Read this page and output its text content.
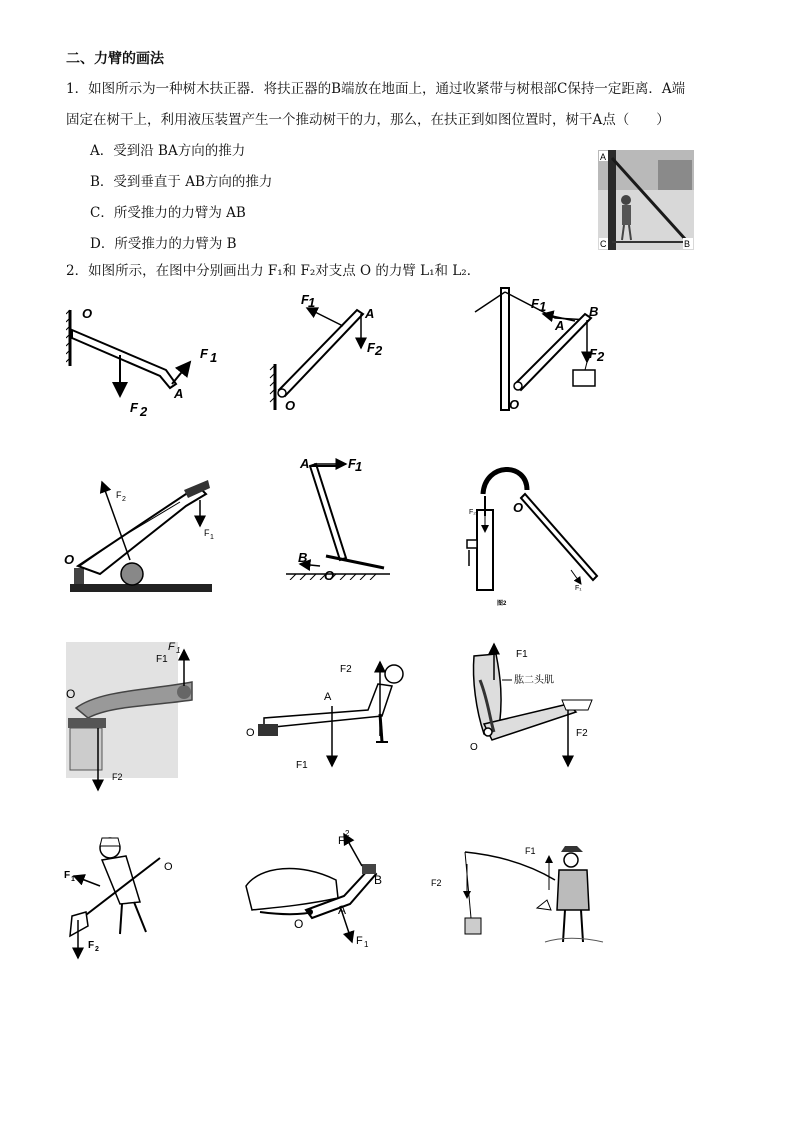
二、力臂的画法
1．如图所示为一种树木扶正器．将扶正器的B端放在地面上，通过收紧带与树根部C保持一定距离．A端
固定在树干上，利用液压装置产生一个推动树干的力，那么，在扶正到如图位置时，树干A点（　　）
A．受到沿 BA方向的推力
B．受到垂直于 AB方向的推力
C．所受推力的力臂为 AB
D．所受推力的力臂为 B
2．如图所示，在图中分别画出力 F₁和 F₂对支点 O 的力臂 L₁和 L₂．
A
C	B
O
A
F 1
F 2	O
A
F 1
F 2
O
A
B
F 1
F 2
O
F 2
F 1
A	F 1
B
O
F₂	O
F₁
图2
F1
F 1
O
F2
F2
A
O
F1
F1
肱二头肌
O
F2
F 1
F 2
O
F
2
B
A
O
F 1
F1
F2
